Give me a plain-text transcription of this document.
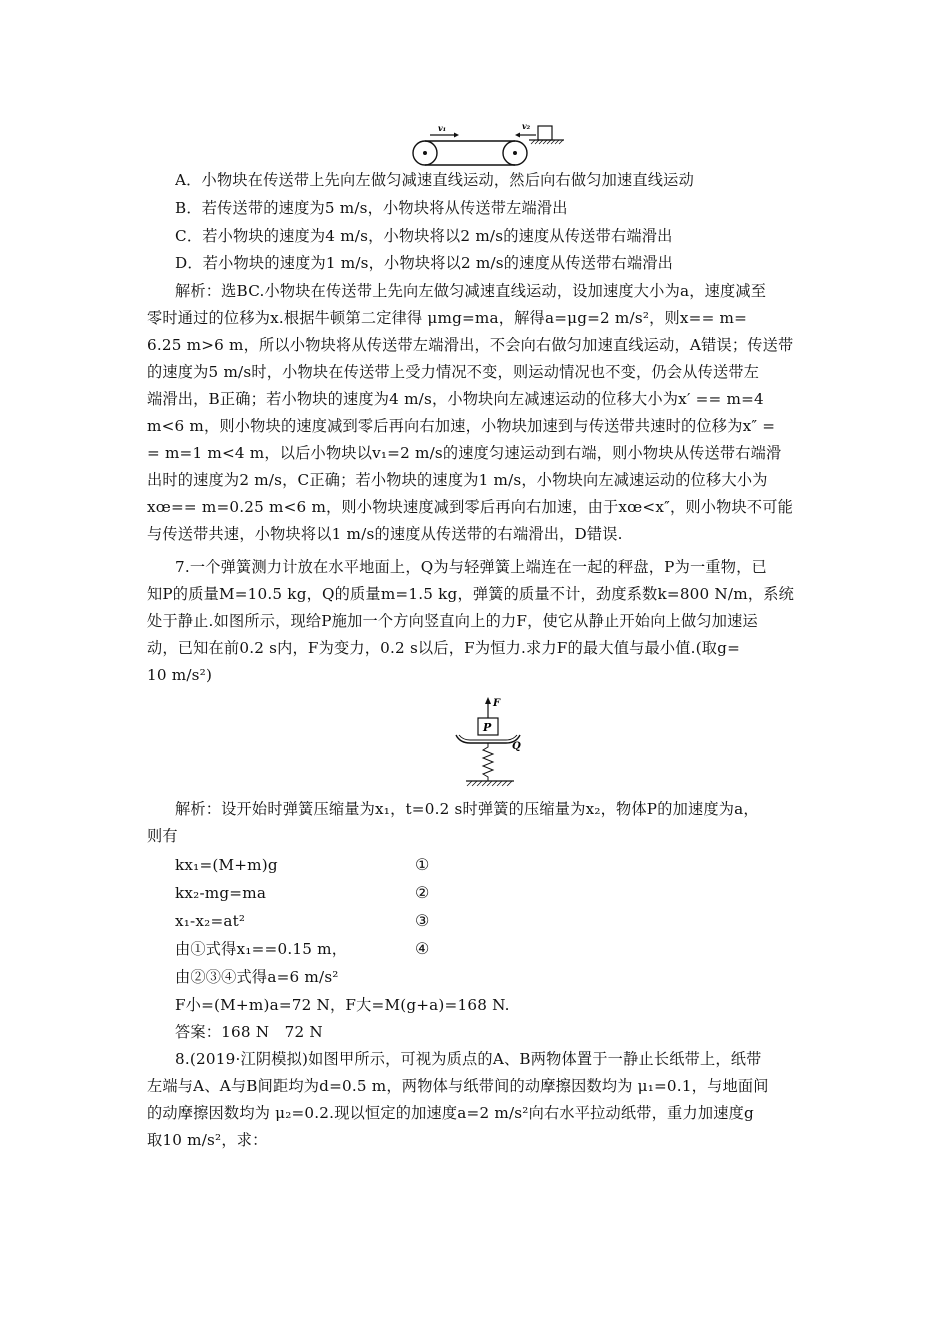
v₁	v₂
A．小物块在传送带上先向左做匀减速直线运动，然后向右做匀加速直线运动
B．若传送带的速度为5 m/s，小物块将从传送带左端滑出
C．若小物块的速度为4 m/s，小物块将以2 m/s的速度从传送带右端滑出
D．若小物块的速度为1 m/s，小物块将以2 m/s的速度从传送带右端滑出
解析：选BC.小物块在传送带上先向左做匀减速直线运动，设加速度大小为a，速度减至
零时通过的位移为x.根据牛顿第二定律得 μmg=ma，解得a=μg=2 m/s²，则x== m=
6.25 m>6 m，所以小物块将从传送带左端滑出，不会向右做匀加速直线运动，A错误；传送带
的速度为5 m/s时，小物块在传送带上受力情况不变，则运动情况也不变，仍会从传送带左
端滑出，B正确；若小物块的速度为4 m/s，小物块向左减速运动的位移大小为x′ == m=4
m<6 m，则小物块的速度减到零后再向右加速，小物块加速到与传送带共速时的位移为x″ =
= m=1 m<4 m，以后小物块以v₁=2 m/s的速度匀速运动到右端，则小物块从传送带右端滑
出时的速度为2 m/s，C正确；若小物块的速度为1 m/s，小物块向左减速运动的位移大小为
xœ== m=0.25 m<6 m，则小物块速度减到零后再向右加速，由于xœ<x″，则小物块不可能
与传送带共速，小物块将以1 m/s的速度从传送带的右端滑出，D错误.
7.一个弹簧测力计放在水平地面上，Q为与轻弹簧上端连在一起的秤盘，P为一重物，已
知P的质量M=10.5 kg，Q的质量m=1.5 kg，弹簧的质量不计，劲度系数k=800 N/m，系统
处于静止.如图所示，现给P施加一个方向竖直向上的力F，使它从静止开始向上做匀加速运
动，已知在前0.2 s内，F为变力，0.2 s以后，F为恒力.求力F的最大值与最小值.(取g=
10 m/s²)
F
P
Q
解析：设开始时弹簧压缩量为x₁，t=0.2 s时弹簧的压缩量为x₂，物体P的加速度为a，
则有
kx₁=(M+m)g	①
kx₂-mg=ma	②
x₁-x₂=at²	③
由①式得x₁==0.15 m，	④
由②③④式得a=6 m/s²
F小=(M+m)a=72 N，F大=M(g+a)=168 N.
答案：168 N　72 N
8.(2019·江阴模拟)如图甲所示，可视为质点的A、B两物体置于一静止长纸带上，纸带
左端与A、A与B间距均为d=0.5 m，两物体与纸带间的动摩擦因数均为 μ₁=0.1，与地面间
的动摩擦因数均为 μ₂=0.2.现以恒定的加速度a=2 m/s²向右水平拉动纸带，重力加速度g
取10 m/s²，求：
